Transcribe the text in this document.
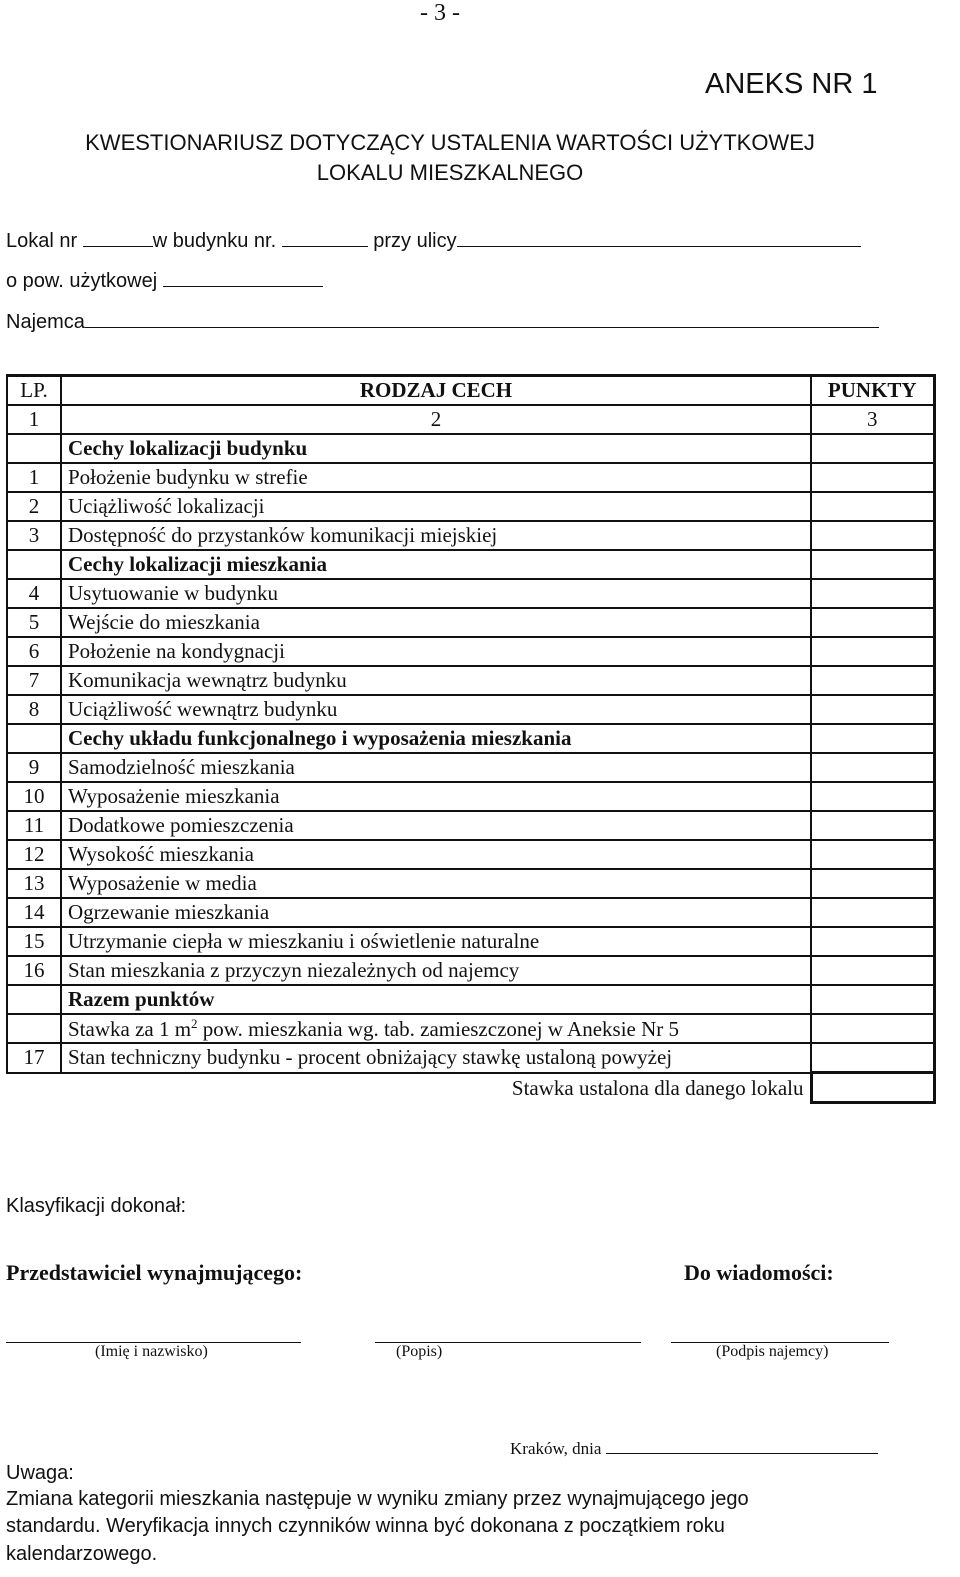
- 3 -
ANEKS NR 1
KWESTIONARIUSZ DOTYCZĄCY USTALENIA WARTOŚCI UŻYTKOWEJ
LOKALU MIESZKALNEGO
Lokal nr	w budynku nr.	przy ulicy
o pow. użytkowej
Najemca
LP.	RODZAJ CECH	PUNKTY
1	2	3
	Cechy lokalizacji budynku	
1	Położenie budynku w strefie	
2	Uciążliwość lokalizacji	
3	Dostępność do przystanków komunikacji miejskiej	
	Cechy lokalizacji mieszkania	
4	Usytuowanie w budynku	
5	Wejście do mieszkania	
6	Położenie na kondygnacji	
7	Komunikacja wewnątrz budynku	
8	Uciążliwość wewnątrz budynku	
	Cechy układu funkcjonalnego i wyposażenia mieszkania	
9	Samodzielność mieszkania	
10	Wyposażenie mieszkania	
11	Dodatkowe pomieszczenia	
12	Wysokość mieszkania	
13	Wyposażenie w media	
14	Ogrzewanie mieszkania	
15	Utrzymanie ciepła w mieszkaniu i oświetlenie naturalne	
16	Stan mieszkania z przyczyn niezależnych od najemcy	
	Razem punktów	
	Stawka za 1 $m^2$ pow. mieszkania wg. tab. zamieszczonej w Aneksie Nr 5	
17	Stan techniczny budynku - procent obniżający stawkę ustaloną powyżej	
	Stawka ustalona dla danego lokalu	
Klasyfikacji dokonał:
Przedstawiciel wynajmującego:	Do wiadomości:
(Imię i nazwisko)	(Popis)	(Podpis najemcy)
Kraków, dnia
Uwaga:
Zmiana kategorii mieszkania następuje w wyniku zmiany przez wynajmującego jego
standardu. Weryfikacja innych czynników winna być dokonana z początkiem roku
kalendarzowego.
